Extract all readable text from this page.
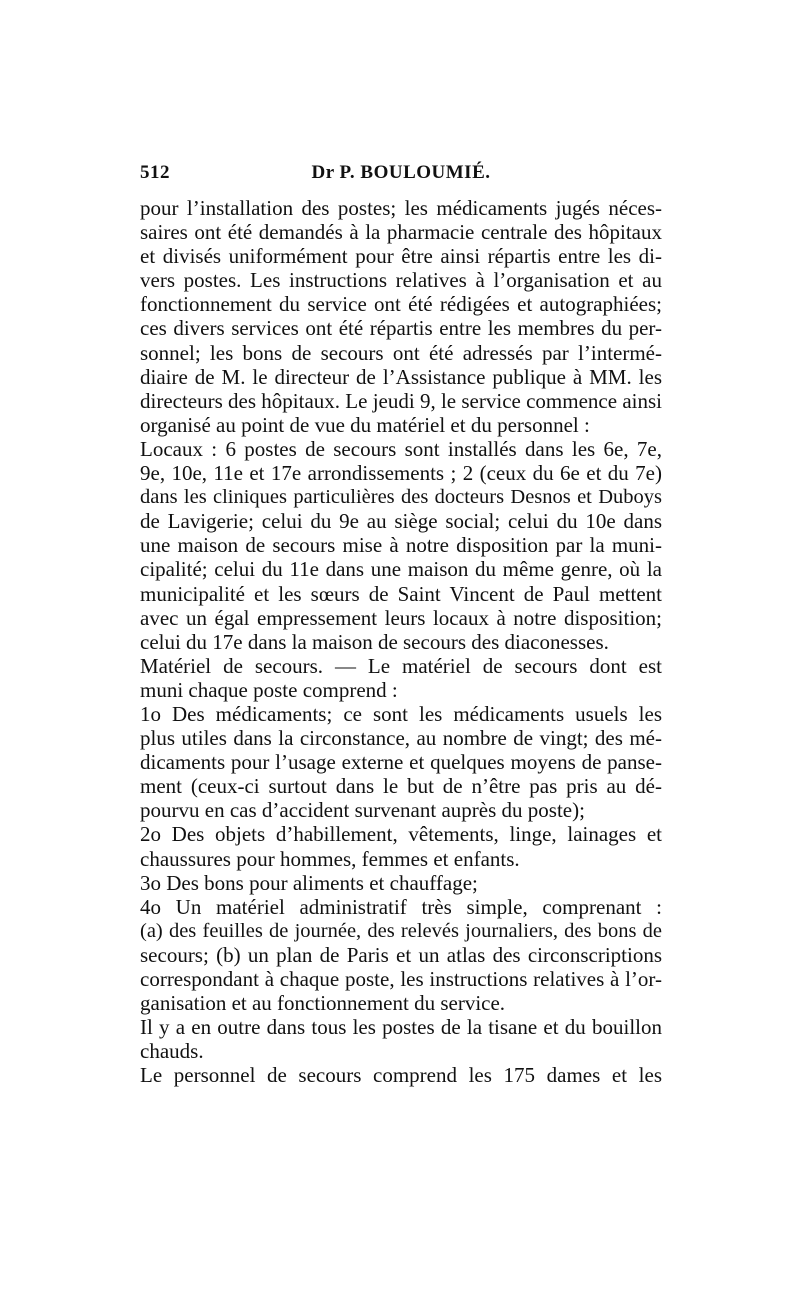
512	Dr P. BOULOUMIÉ.
pour l’installation des postes; les médicaments jugés néces-
saires ont été demandés à la pharmacie centrale des hôpitaux
et divisés uniformément pour être ainsi répartis entre les di-
vers postes. Les instructions relatives à l’organisation et au
fonctionnement du service ont été rédigées et autographiées;
ces divers services ont été répartis entre les membres du per-
sonnel; les bons de secours ont été adressés par l’intermé-
diaire de M. le directeur de l’Assistance publique à MM. les
directeurs des hôpitaux. Le jeudi 9, le service commence ainsi
organisé au point de vue du matériel et du personnel :
Locaux : 6 postes de secours sont installés dans les 6e, 7e,
9e, 10e, 11e et 17e arrondissements ; 2 (ceux du 6e et du 7e)
dans les cliniques particulières des docteurs Desnos et Duboys
de Lavigerie; celui du 9e au siège social; celui du 10e dans
une maison de secours mise à notre disposition par la muni-
cipalité; celui du 11e dans une maison du même genre, où la
municipalité et les sœurs de Saint Vincent de Paul mettent
avec un égal empressement leurs locaux à notre disposition;
celui du 17e dans la maison de secours des diaconesses.
Matériel de secours. — Le matériel de secours dont est
muni chaque poste comprend :
1o Des médicaments; ce sont les médicaments usuels les
plus utiles dans la circonstance, au nombre de vingt; des mé-
dicaments pour l’usage externe et quelques moyens de panse-
ment (ceux-ci surtout dans le but de n’être pas pris au dé-
pourvu en cas d’accident survenant auprès du poste);
2o Des objets d’habillement, vêtements, linge, lainages et
chaussures pour hommes, femmes et enfants.
3o Des bons pour aliments et chauffage;
4o Un matériel administratif très simple, comprenant :
(a) des feuilles de journée, des relevés journaliers, des bons de
secours; (b) un plan de Paris et un atlas des circonscriptions
correspondant à chaque poste, les instructions relatives à l’or-
ganisation et au fonctionnement du service.
Il y a en outre dans tous les postes de la tisane et du bouillon
chauds.
Le personnel de secours comprend les 175 dames et les
